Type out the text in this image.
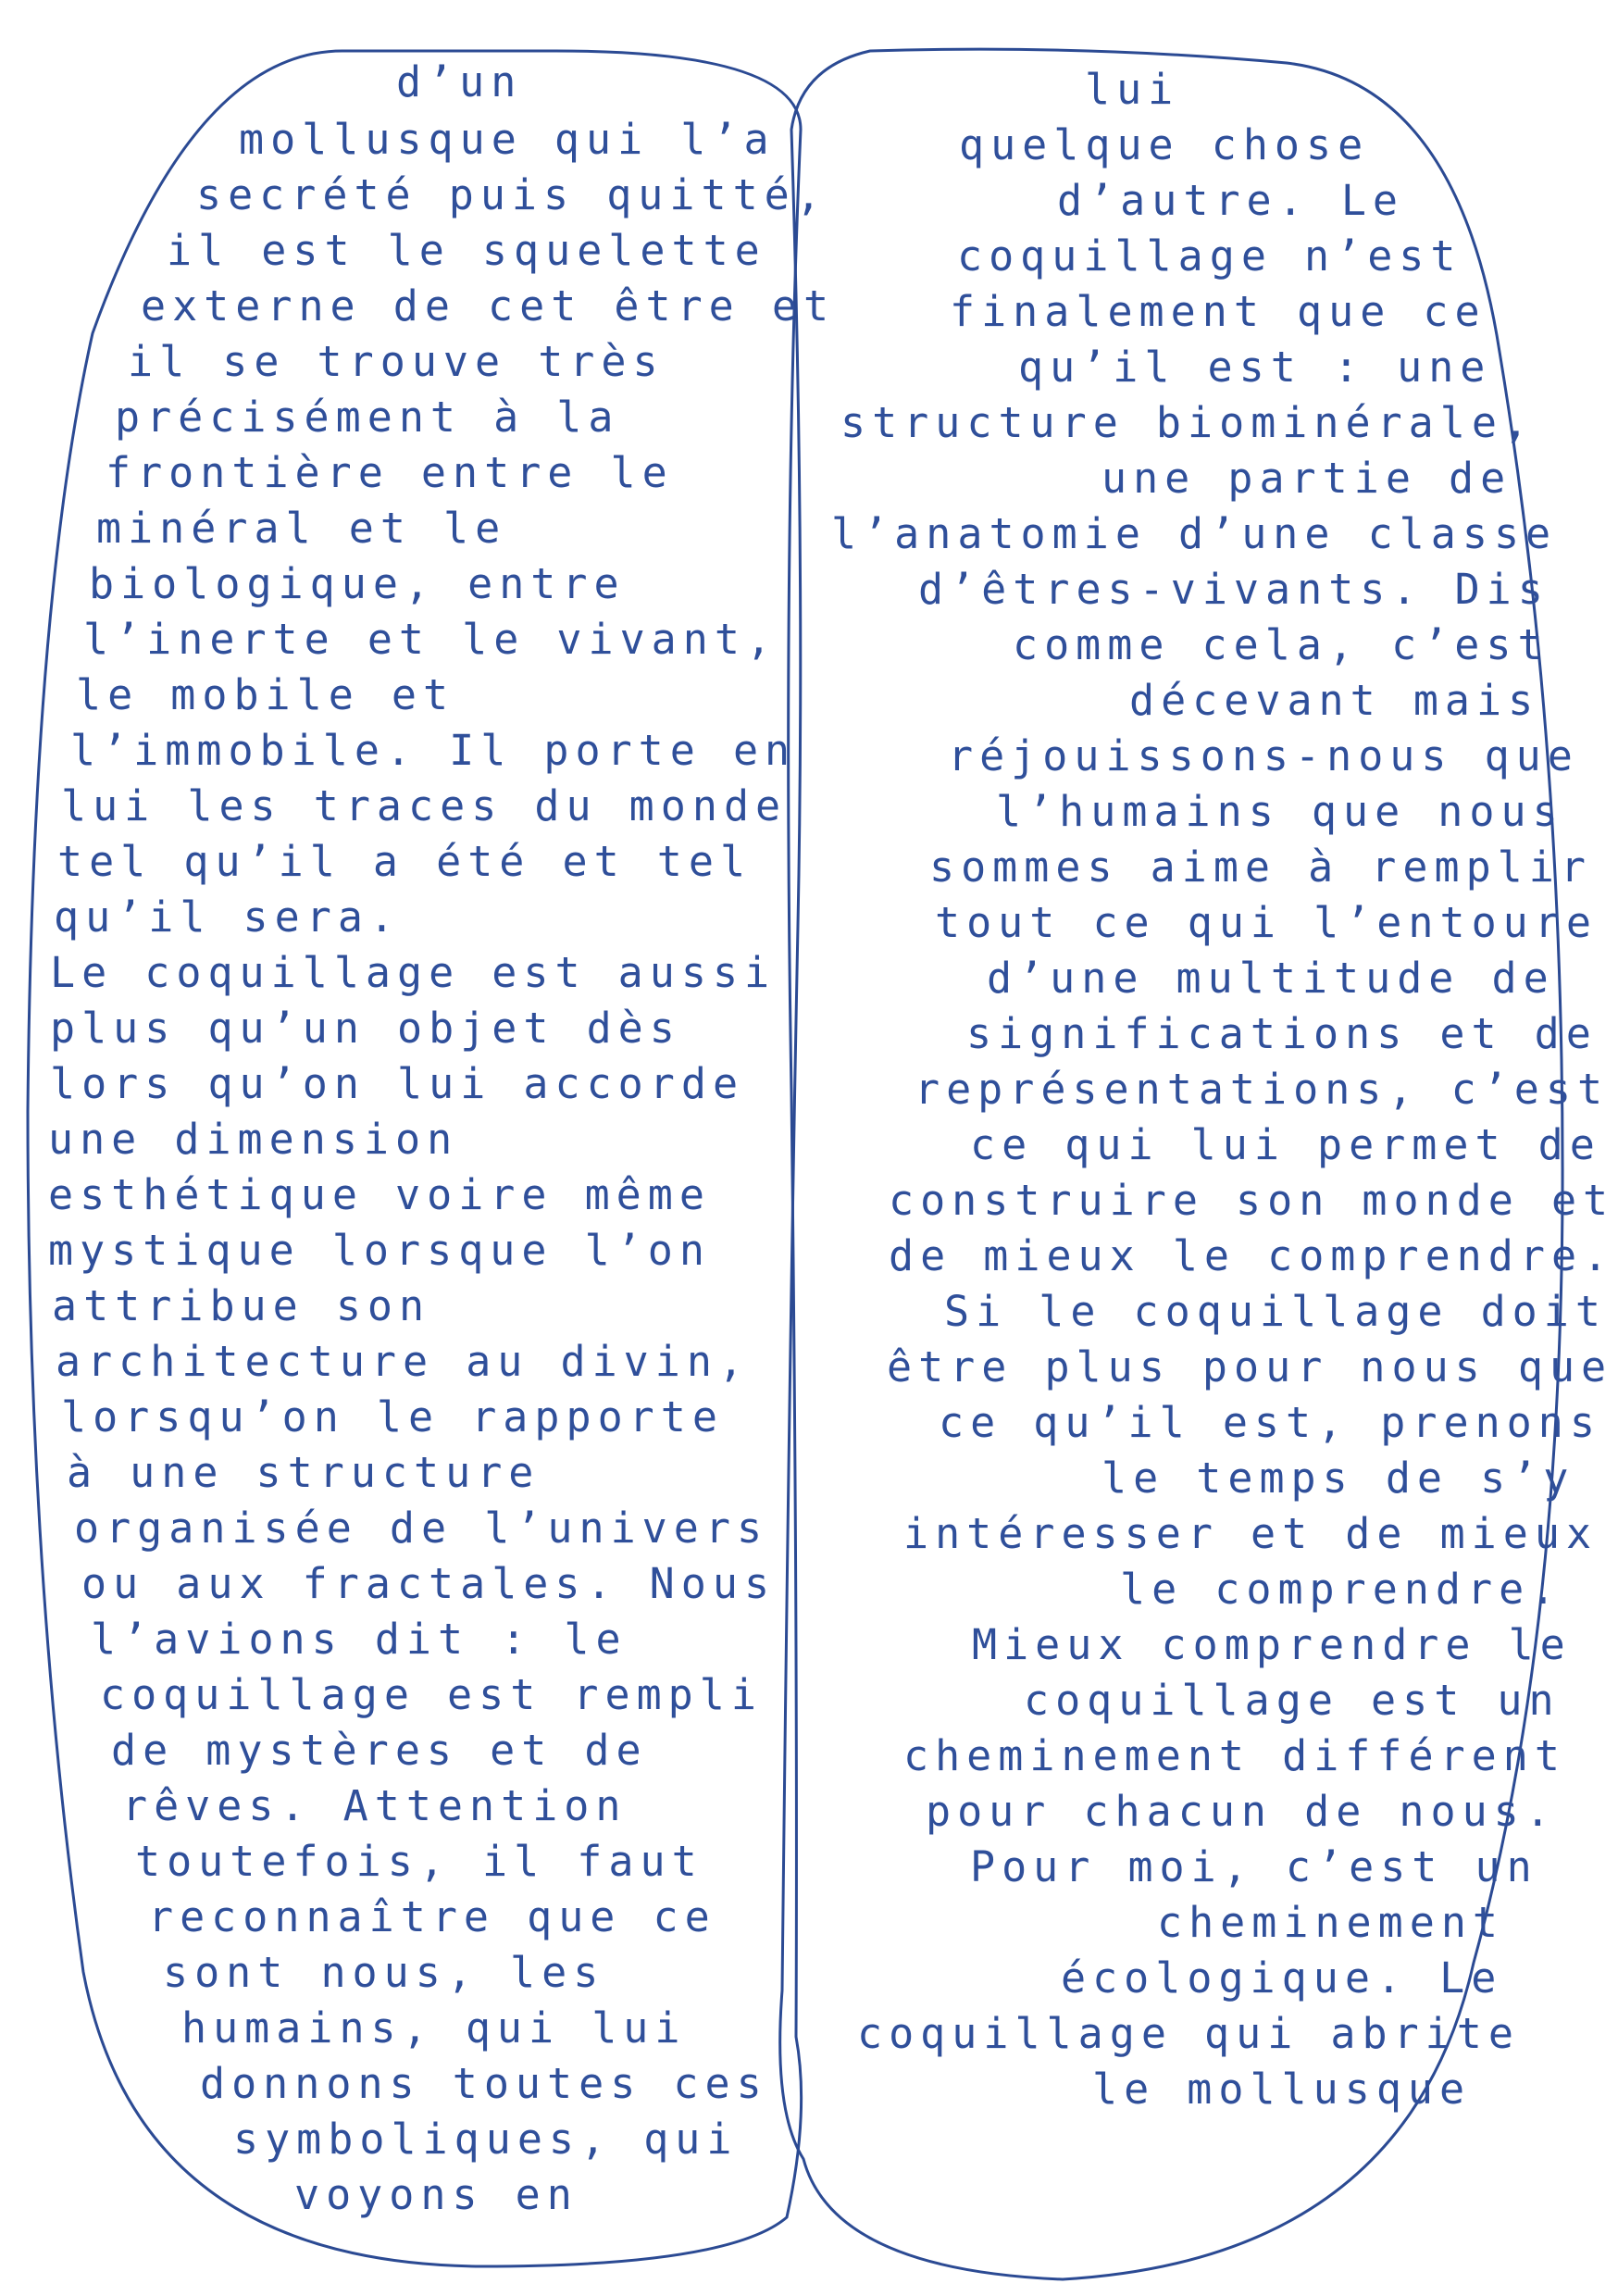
d’un
mollusque qui l’a
secrété puis quitté,
il est le squelette
externe de cet être et
il se trouve très
précisément à la
frontière entre le
minéral et le
biologique, entre
l’inerte et le vivant,
le mobile et
l’immobile. Il porte en
lui les traces du monde
tel qu’il a été et tel
qu’il sera.
Le coquillage est aussi
plus qu’un objet dès
lors qu’on lui accorde
une dimension
esthétique voire même
mystique lorsque l’on
attribue son
architecture au divin,
lorsqu’on le rapporte
à une structure
organisée de l’univers
ou aux fractales. Nous
l’avions dit : le
coquillage est rempli
de mystères et de
rêves. Attention
toutefois, il faut
reconnaître que ce
sont nous, les
humains, qui lui
donnons toutes ces
symboliques, qui
voyons en
lui
quelque chose
d’autre. Le
coquillage n’est
finalement que ce
qu’il est : une
structure biominérale,
une partie de
l’anatomie d’une classe
d’êtres-vivants. Dis
comme cela, c’est
décevant mais
réjouissons-nous que
l’humains que nous
sommes aime à remplir
tout ce qui l’entoure
d’une multitude de
significations et de
représentations, c’est
ce qui lui permet de
construire son monde et
de mieux le comprendre.
Si le coquillage doit
être plus pour nous que
ce qu’il est, prenons
le temps de s’y
intéresser et de mieux
le comprendre.
Mieux comprendre le
coquillage est un
cheminement différent
pour chacun de nous.
Pour moi, c’est un
cheminement
écologique. Le
coquillage qui abrite
le mollusque
